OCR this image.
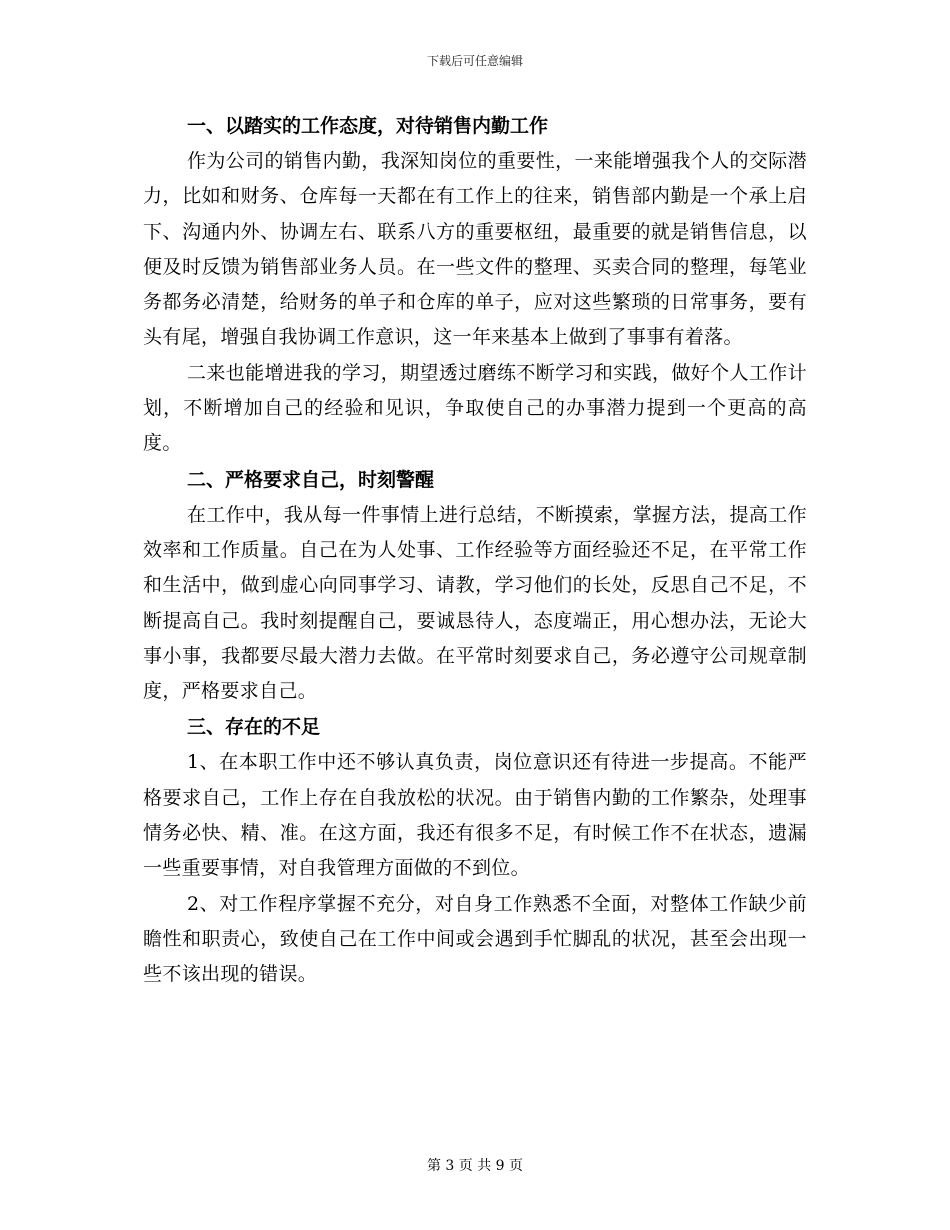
下载后可任意编辑
一、以踏实的工作态度，对待销售内勤工作

作为公司的销售内勤，我深知岗位的重要性，一来能增强我个人的交际潜力，比如和财务、仓库每一天都在有工作上的往来，销售部内勤是一个承上启下、沟通内外、协调左右、联系八方的重要枢纽，最重要的就是销售信息，以便及时反馈为销售部业务人员。在一些文件的整理、买卖合同的整理，每笔业务都务必清楚，给财务的单子和仓库的单子，应对这些繁琐的日常事务，要有头有尾，增强自我协调工作意识，这一年来基本上做到了事事有着落。

二来也能增进我的学习，期望透过磨练不断学习和实践，做好个人工作计划，不断增加自己的经验和见识，争取使自己的办事潜力提到一个更高的高度。

二、严格要求自己，时刻警醒

在工作中，我从每一件事情上进行总结，不断摸索，掌握方法，提高工作效率和工作质量。自己在为人处事、工作经验等方面经验还不足，在平常工作和生活中，做到虚心向同事学习、请教，学习他们的长处，反思自己不足，不断提高自己。我时刻提醒自己，要诚恳待人，态度端正，用心想办法，无论大事小事，我都要尽最大潜力去做。在平常时刻要求自己，务必遵守公司规章制度，严格要求自己。

三、存在的不足

1、在本职工作中还不够认真负责，岗位意识还有待进一步提高。不能严格要求自己，工作上存在自我放松的状况。由于销售内勤的工作繁杂，处理事情务必快、精、准。在这方面，我还有很多不足，有时候工作不在状态，遗漏一些重要事情，对自我管理方面做的不到位。

2、对工作程序掌握不充分，对自身工作熟悉不全面，对整体工作缺少前瞻性和职责心，致使自己在工作中间或会遇到手忙脚乱的状况，甚至会出现一些不该出现的错误。

第 3 页 共 9 页
